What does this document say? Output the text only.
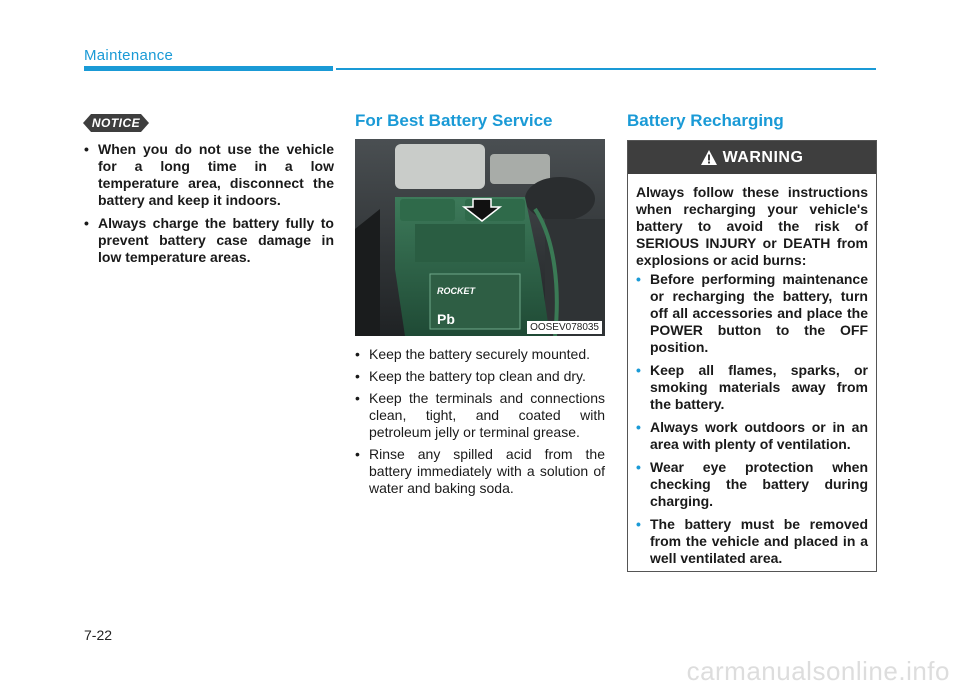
Maintenance
NOTICE
• When you do not use the vehicle for a long time in a low temperature area, disconnect the battery and keep it indoors.
• Always charge the battery fully to prevent battery case damage in low temperature areas.
For Best Battery Service
ROCKET
Pb
OOSEV078035
• Keep the battery securely mounted.
• Keep the battery top clean and dry.
• Keep the terminals and connections clean, tight, and coated with petroleum jelly or terminal grease.
• Rinse any spilled acid from the battery immediately with a solution of water and baking soda.
Battery Recharging
WARNING

Always follow these instructions when recharging your vehicle's battery to avoid the risk of SERIOUS INJURY or DEATH from explosions or acid burns:

• Before performing maintenance or recharging the battery, turn off all accessories and place the POWER button to the OFF position.
• Keep all flames, sparks, or smoking materials away from the battery.
• Always work outdoors or in an area with plenty of ventilation.
• Wear eye protection when checking the battery during charging.
• The battery must be removed from the vehicle and placed in a well ventilated area.
7-22
carmanualsonline.info
